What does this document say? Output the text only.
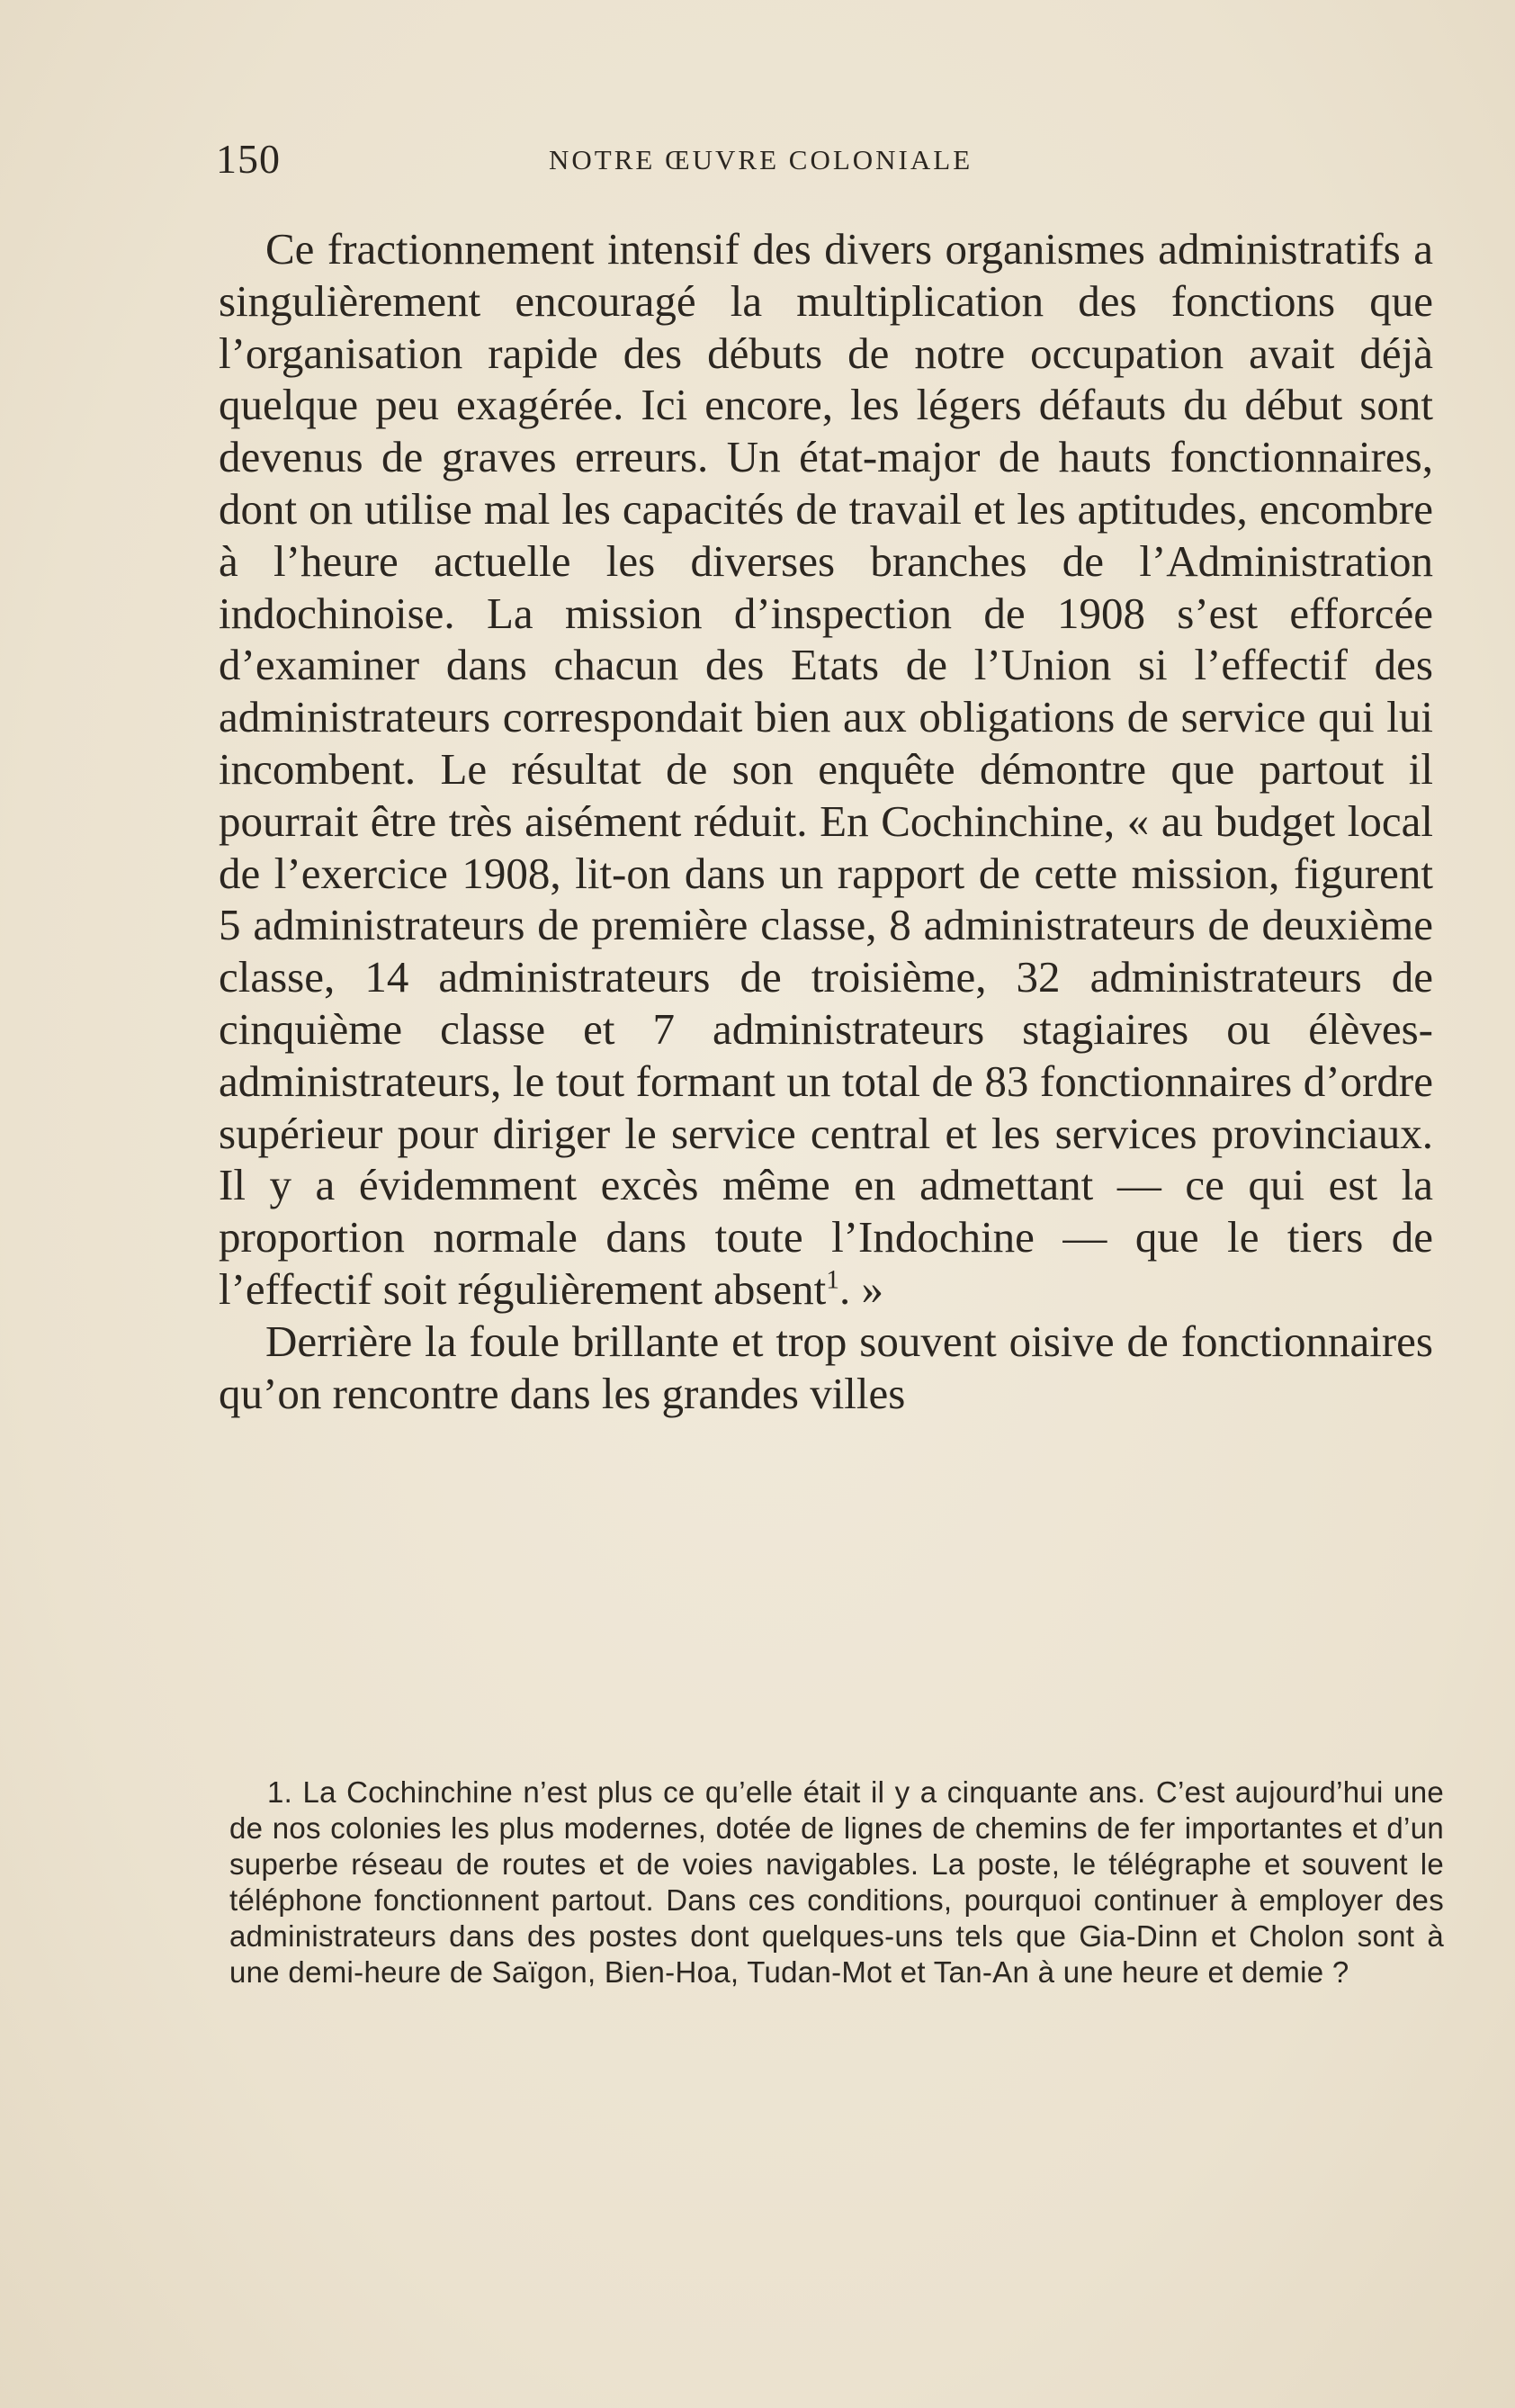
150	NOTRE ŒUVRE COLONIALE

Ce fractionnement intensif des divers organismes administratifs a singulièrement encouragé la multiplication des fonctions que l’organisation rapide des débuts de notre occupation avait déjà quelque peu exagérée. Ici encore, les légers défauts du début sont devenus de graves erreurs. Un état-major de hauts fonctionnaires, dont on utilise mal les capacités de travail et les aptitudes, encombre à l’heure actuelle les diverses branches de l’Administration indochinoise. La mission d’inspection de 1908 s’est efforcée d’examiner dans chacun des Etats de l’Union si l’effectif des administrateurs correspondait bien aux obligations de service qui lui incombent. Le résultat de son enquête démontre que partout il pourrait être très aisément réduit. En Cochinchine, « au budget local de l’exercice 1908, lit-on dans un rapport de cette mission, figurent 5 administrateurs de première classe, 8 administrateurs de deuxième classe, 14 administrateurs de troisième, 32 administrateurs de cinquième classe et 7 administrateurs stagiaires ou élèves-administrateurs, le tout formant un total de 83 fonctionnaires d’ordre supérieur pour diriger le service central et les services provinciaux. Il y a évidemment excès même en admettant — ce qui est la proportion normale dans toute l’Indochine — que le tiers de l’effectif soit régulièrement absent$^1$. »

Derrière la foule brillante et trop souvent oisive de fonctionnaires qu’on rencontre dans les grandes villes

1. La Cochinchine n’est plus ce qu’elle était il y a cinquante ans. C’est aujourd’hui une de nos colonies les plus modernes, dotée de lignes de chemins de fer importantes et d’un superbe réseau de routes et de voies navigables. La poste, le télégraphe et souvent le téléphone fonctionnent partout. Dans ces conditions, pourquoi continuer à employer des administrateurs dans des postes dont quelques-uns tels que Gia-Dinn et Cholon sont à une demi-heure de Saïgon, Bien-Hoa, Tudan-Mot et Tan-An à une heure et demie ?
